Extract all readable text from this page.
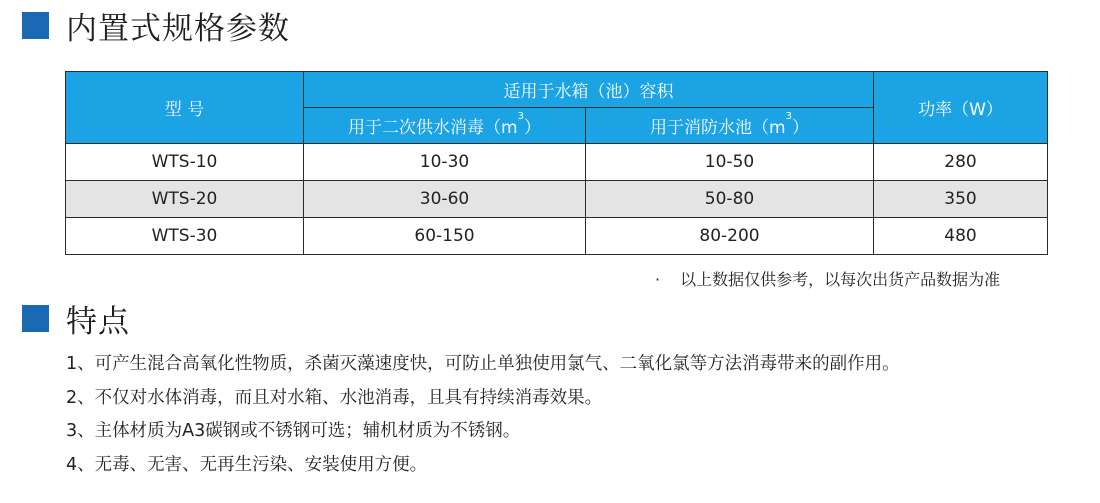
内置式规格参数
型 号	适用于水箱（池）容积		功率（W）
	用于二次供水消毒$(m^3)$	用于消防水池$(m^3)$	
WTS-10	10-30	10-50	280
WTS-20	30-60	50-80	350
WTS-30	60-150	80-200	480
· 以上数据仅供参考，以每次出货产品数据为准
特点
1、可产生混合高氧化性物质，杀菌灭藻速度快，可防止单独使用氯气、二氧化氯等方法消毒带来的副作用。
2、不仅对水体消毒，而且对水箱、水池消毒，且具有持续消毒效果。
3、主体材质为A3碳钢或不锈钢可选；辅机材质为不锈钢。
4、无毒、无害、无再生污染、安装使用方便。
